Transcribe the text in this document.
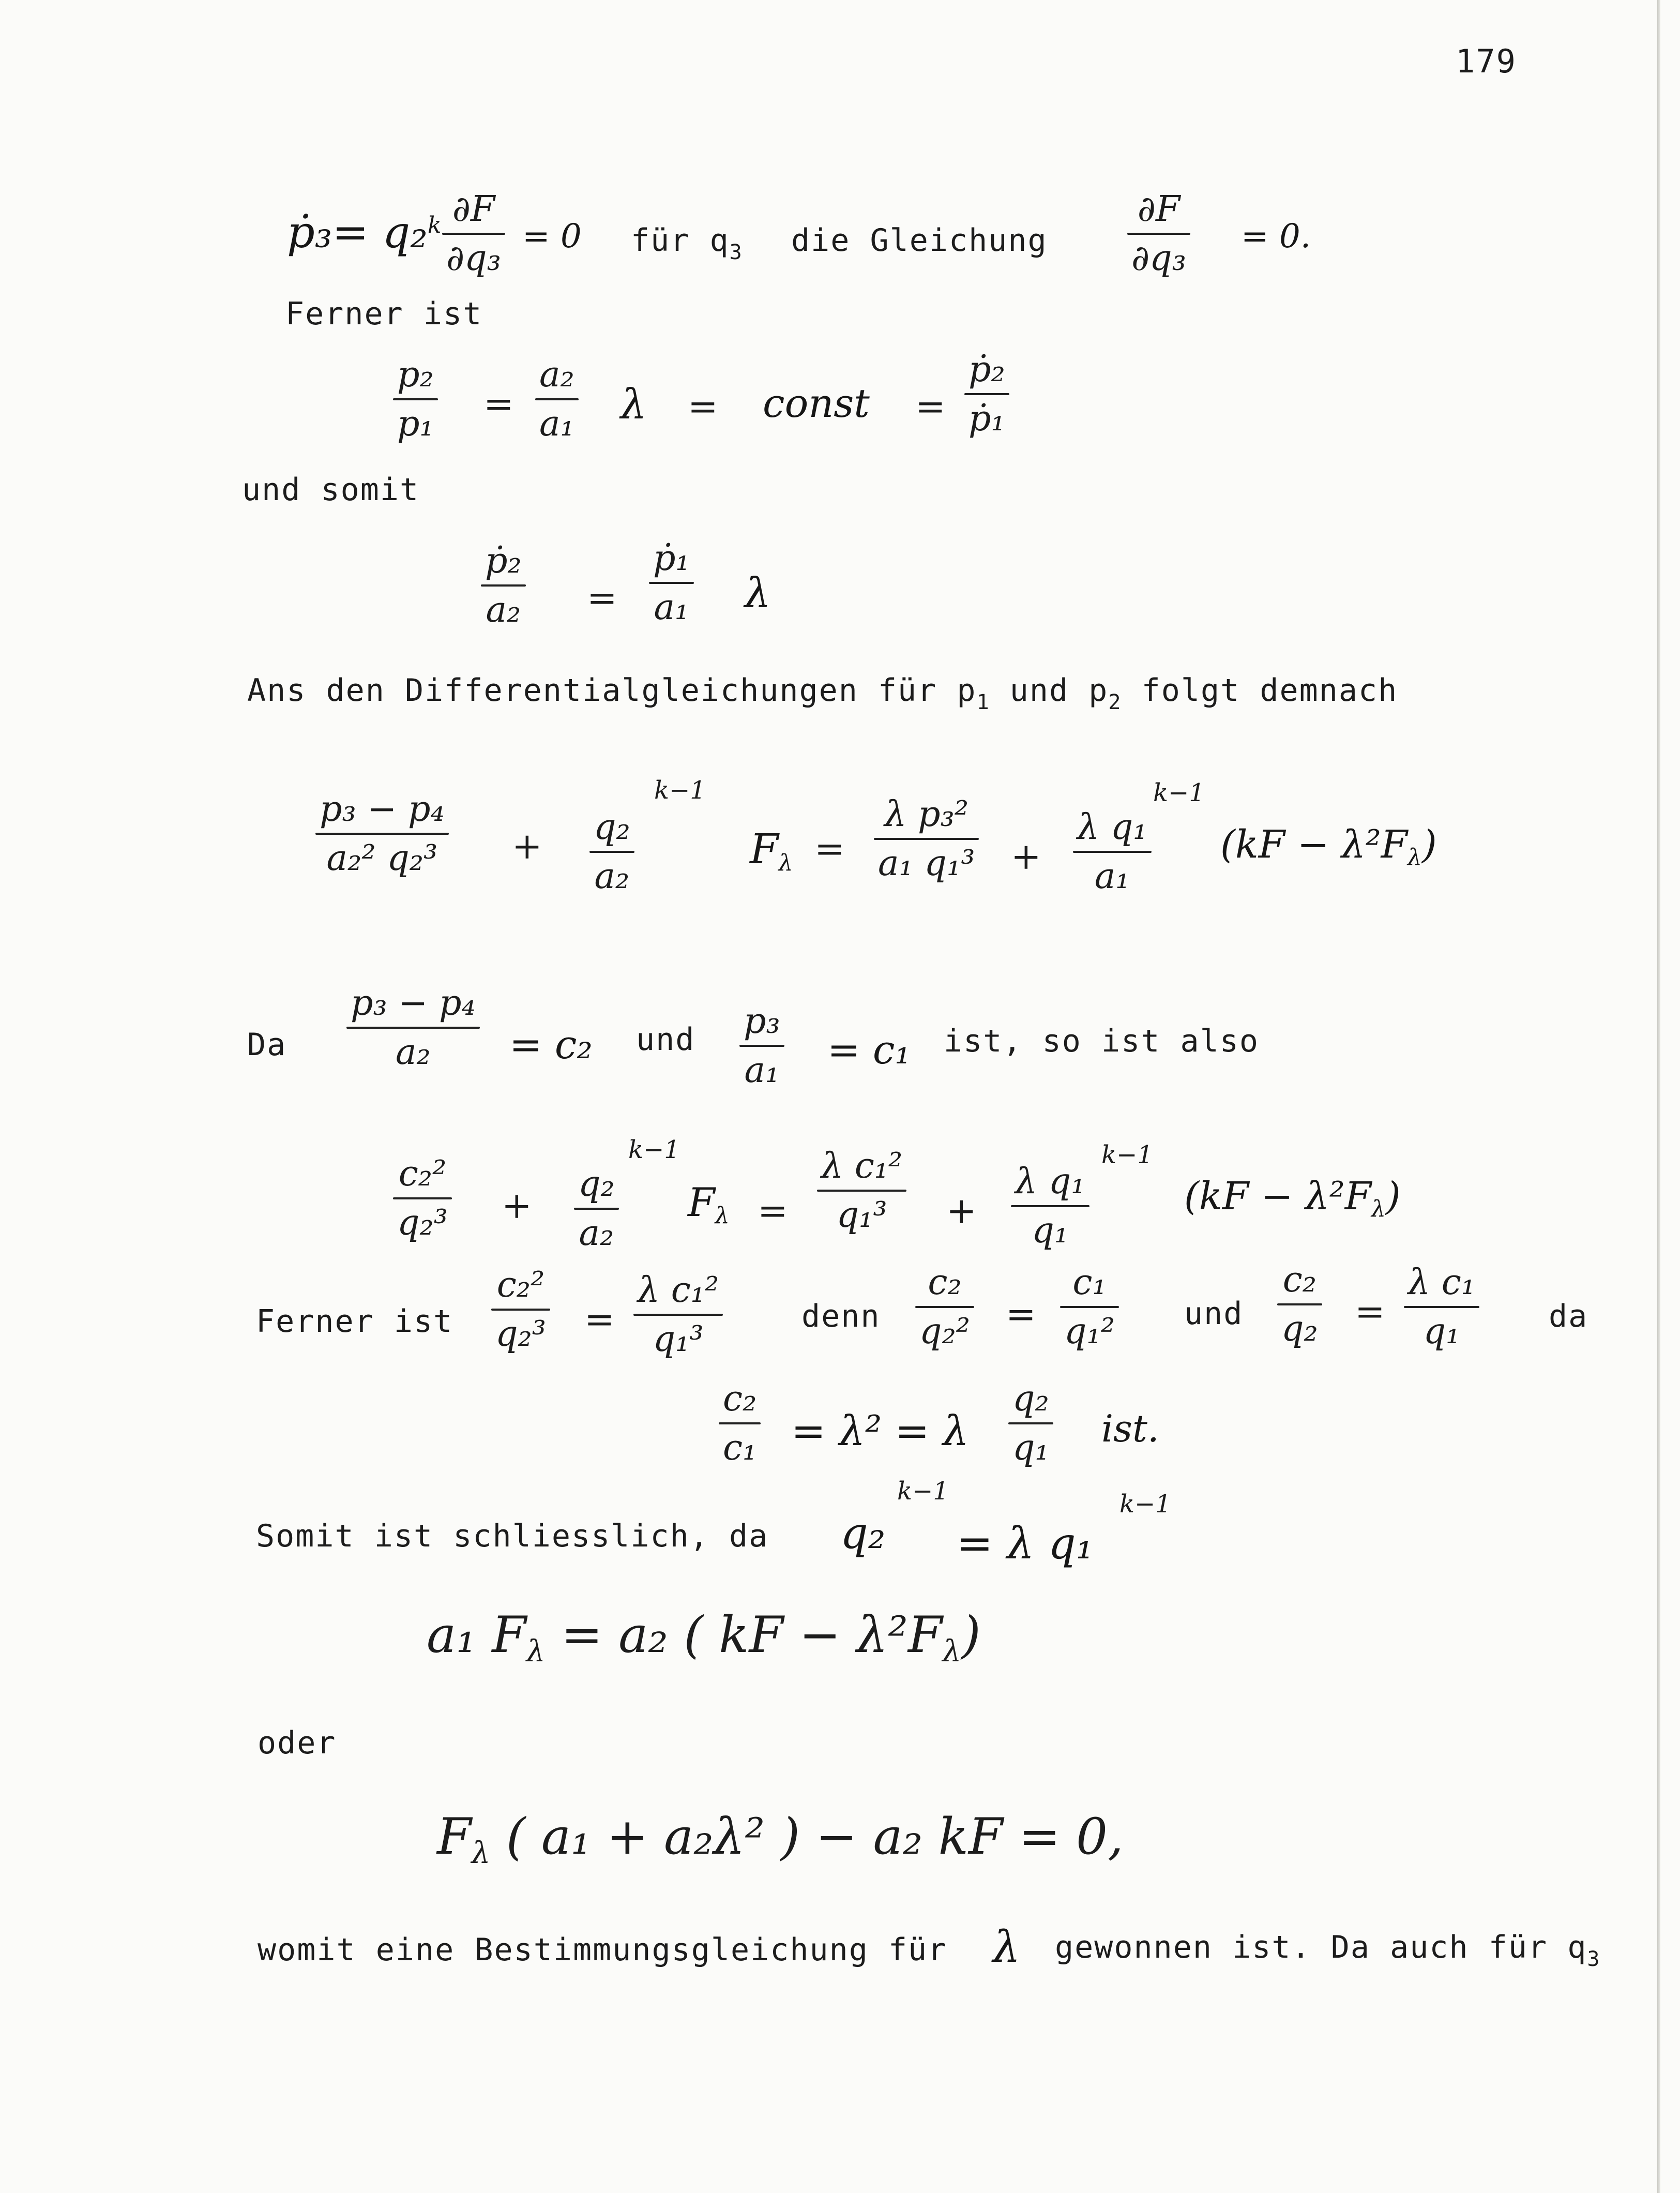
179
ṗ₃= q₂$^k$ ∂F
∂q₃
= 0 für $q_3$ die Gleichung
∂F
∂q₃
= 0.
Ferner ist
p₂
p₁ =
a₂
a₁ λ = const =
ṗ₂
ṗ₁
und somit
ṗ₂
a₂ =
ṗ₁
a₁ λ
Ans den Differentialgleichungen für $p_1$ und $p_2$ folgt demnach
p₃ − p₄
a₂² q₂³	+
k−1
q₂
a₂
$F_\lambda$ =
λ p₃²
a₁ q₁³ +
k−1
λ q₁
a₁
$(kF - \lambda^2F_\lambda)$
Da
p₃ − p₄
a₂	= c₂ und p₃
a₁ = c₁ ist, so ist also
c₂²
q₂³ +
k−1
q₂
a₂
$F_\lambda$ =
λ c₁²
q₁³	+
k−1
λ q₁
q₁
$(kF - \lambda^2F_\lambda)$
Ferner ist
c₂²
q₂³ =
λ c₁²
q₁³
denn
c₂
q₂² =
c₁
q₁² und
c₂
q₂ =
λ c₁
q₁	da
c₂
c₁ = λ² = λ
q₂
q₁ ist.
Somit ist schliesslich, da
k−1
q₂
k−1
= λ q₁
a₁ $F_\lambda = a_2$ ( kF − $\lambda^2F_\lambda$)
oder
$F_\lambda$ ( a₁ + a₂λ² ) − a₂ kF = 0,
womit eine Bestimmungsgleichung für λ gewonnen ist. Da auch für $q_3$
